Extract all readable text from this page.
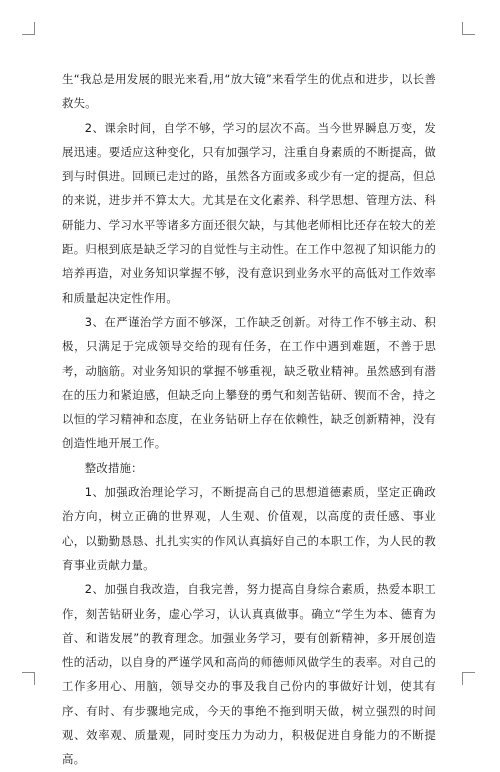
生“我总是用发展的眼光来看,用“放大镜”来看学生的优点和进步，以长善救失。

2、课余时间，自学不够，学习的层次不高。当今世界瞬息万变，发展迅速。要适应这种变化，只有加强学习，注重自身素质的不断提高，做到与时俱进。回顾已走过的路，虽然各方面或多或少有一定的提高，但总的来说，进步并不算太大。尤其是在文化素养、科学思想、管理方法、科研能力、学习水平等诸多方面还很欠缺，与其他老师相比还存在较大的差距。归根到底是缺乏学习的自觉性与主动性。在工作中忽视了知识能力的培养再造，对业务知识掌握不够，没有意识到业务水平的高低对工作效率和质量起决定性作用。

3、在严谨治学方面不够深，工作缺乏创新。对待工作不够主动、积极，只满足于完成领导交给的现有任务，在工作中遇到难题，不善于思考，动脑筋。对业务知识的掌握不够重视，缺乏敬业精神。虽然感到有潜在的压力和紧迫感，但缺乏向上攀登的勇气和刻苦钻研、锲而不舍，持之以恒的学习精神和态度，在业务钻研上存在依赖性，缺乏创新精神，没有创造性地开展工作。

整改措施：

1、加强政治理论学习，不断提高自己的思想道德素质，坚定正确政治方向，树立正确的世界观，人生观、价值观，以高度的责任感、事业心，以勤勤恳恳、扎扎实实的作风认真搞好自己的本职工作，为人民的教育事业贡献力量。

2、加强自我改造，自我完善，努力提高自身综合素质，热爱本职工作，刻苦钻研业务，虚心学习，认认真真做事。确立“学生为本、德育为首、和谐发展”的教育理念。加强业务学习，要有创新精神，多开展创造性的活动，以自身的严谨学风和高尚的师德师风做学生的表率。对自己的工作多用心、用脑，领导交办的事及我自己份内的事做好计划，使其有序、有时、有步骤地完成，今天的事绝不拖到明天做，树立强烈的时间观、效率观、质量观，同时变压力为动力，积极促进自身能力的不断提高。
